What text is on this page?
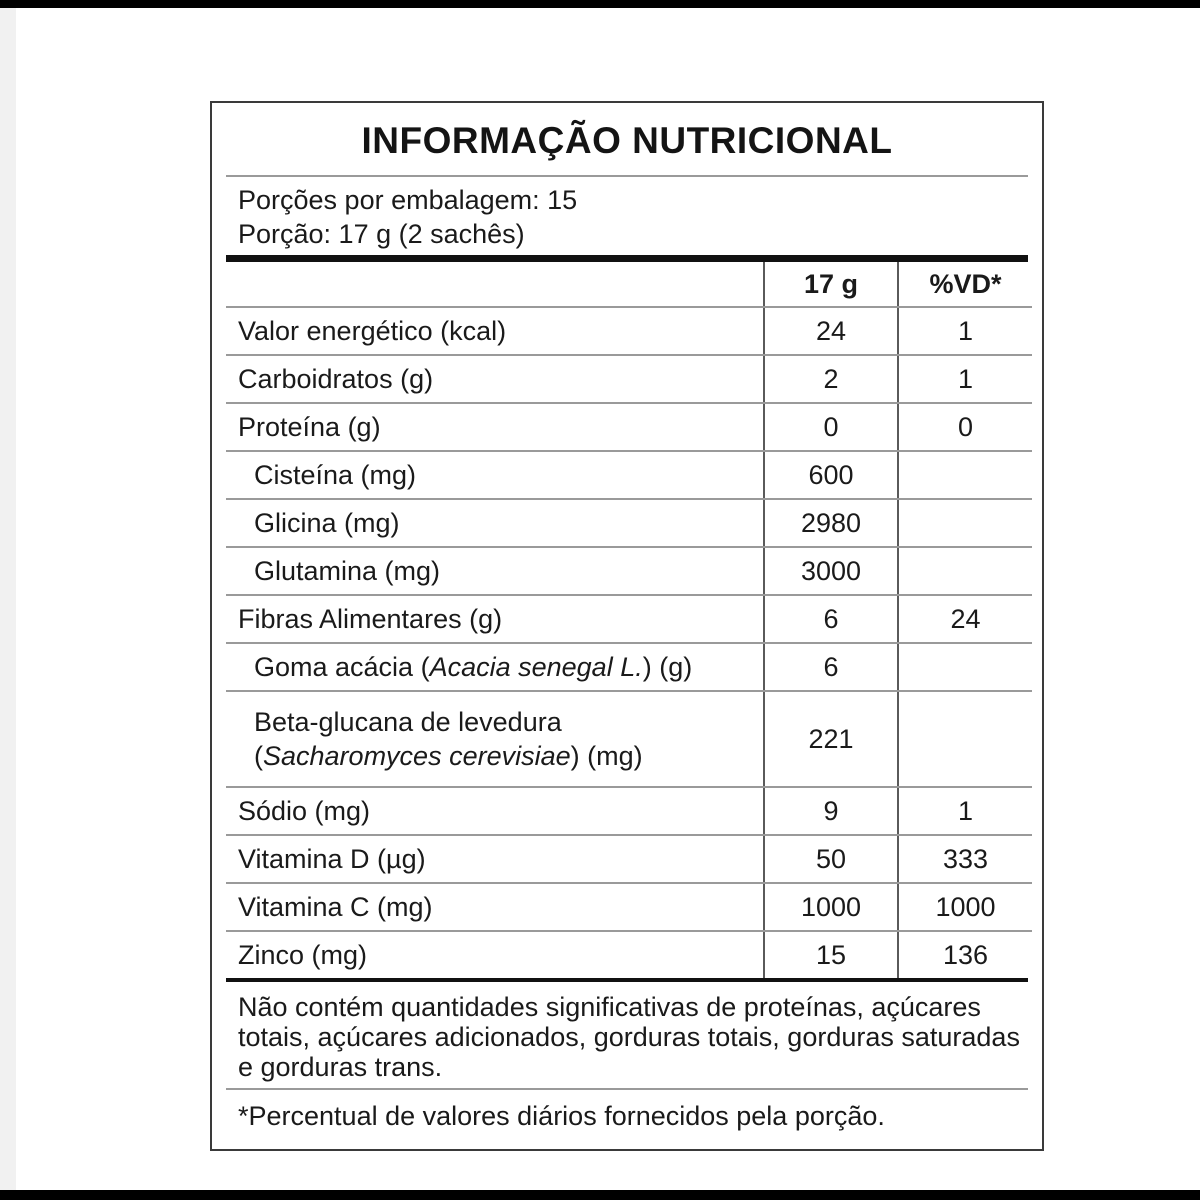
INFORMAÇÃO NUTRICIONAL
Porções por embalagem: 15
Porção: 17 g (2 sachês)
	17 g	%VD*
Valor energético (kcal)	24	1
Carboidratos (g)	2	1
Proteína (g)	0	0
Cisteína (mg)	600	
Glicina (mg)	2980	
Glutamina (mg)	3000	
Fibras Alimentares (g)	6	24
Goma acácia (Acacia senegal L.) (g)	6	

Beta-glucana de levedura
(Sacharomyces cerevisiae) (mg)	221	
Sódio (mg)	9	1
Vitamina D (µg)	50	333
Vitamina C (mg)	1000	1000
Zinco (mg)	15	136
Não contém quantidades significativas de proteínas, açúcares totais, açúcares adicionados, gorduras totais, gorduras saturadas e gorduras trans.
*Percentual de valores diários fornecidos pela porção.
